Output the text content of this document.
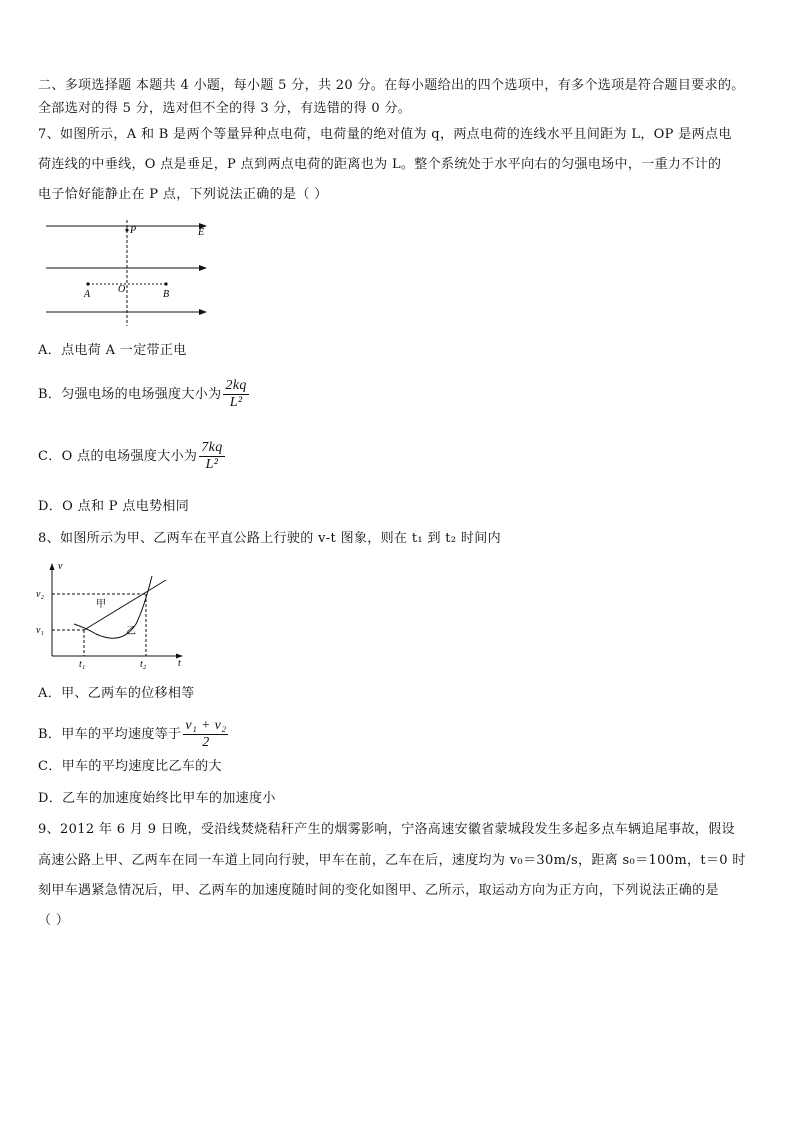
二、多项选择题 本题共 4 小题，每小题 5 分，共 20 分。在每小题给出的四个选项中，有多个选项是符合题目要求的。
全部选对的得 5 分，选对但不全的得 3 分，有选错的得 0 分。
7、如图所示，A 和 B 是两个等量异种点电荷，电荷量的绝对值为 q，两点电荷的连线水平且间距为 L，OP 是两点电
荷连线的中垂线，O 点是垂足，P 点到两点电荷的距离也为 L。整个系统处于水平向右的匀强电场中，一重力不计的
电子恰好能静止在 P 点，下列说法正确的是（ ）
P	E
A	O	B
A．点电荷 A 一定带正电
B．匀强电场的电场强度大小为 $\frac{2kq}{\text{L²}}$
C．O 点的电场强度大小为 $\frac{7kq}{\text{L²}}$
D．O 点和 P 点电势相同
8、如图所示为甲、乙两车在平直公路上行驶的 v-t 图象，则在 t₁ 到 t₂ 时间内
v
t
v₂
v₁
t₁	t₂
甲
乙
A．甲、乙两车的位移相等
B．甲车的平均速度等于 $\frac{\text{v₁ + v₂}}{2}$
C．甲车的平均速度比乙车的大
D．乙车的加速度始终比甲车的加速度小
9、2012 年 6 月 9 日晚，受沿线焚烧秸秆产生的烟雾影响，宁洛高速安徽省蒙城段发生多起多点车辆追尾事故，假设
高速公路上甲、乙两车在同一车道上同向行驶，甲车在前，乙车在后，速度均为 v₀＝30m/s，距离 s₀＝100m，t＝0 时
刻甲车遇紧急情况后，甲、乙两车的加速度随时间的变化如图甲、乙所示，取运动方向为正方向，下列说法正确的是
（ ）
